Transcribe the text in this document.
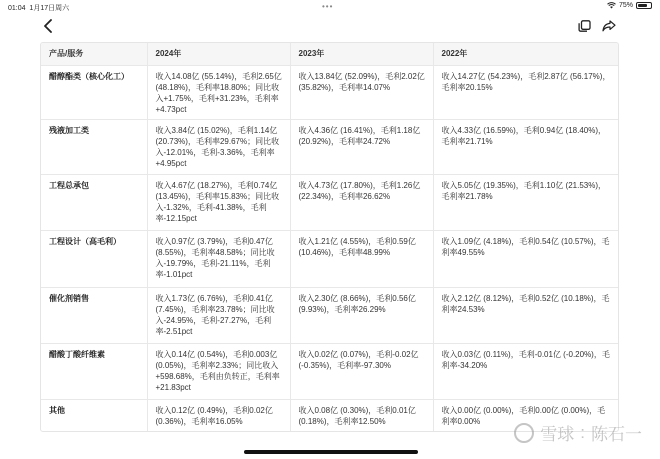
01:04 1月17日周六	•••	75%
产品/服务	2024年	2023年	2022年
醋醇酯类（核心化工）	收入14.08亿 (55.14%)，毛利2.65亿 (48.18%)，毛利率18.80%；同比收入+1.75%，毛利+31.23%，毛利率+4.73pct	收入13.84亿 (52.09%)，毛利2.02亿 (35.82%)，毛利率14.07%	收入14.27亿 (54.23%)，毛利2.87亿 (56.17%)，毛利率20.15%
残液加工类	收入3.84亿 (15.02%)，毛利1.14亿 (20.73%)，毛利率29.67%；同比收入-12.01%，毛利-3.36%，毛利率+4.95pct	收入4.36亿 (16.41%)，毛利1.18亿 (20.92%)，毛利率24.72%	收入4.33亿 (16.59%)，毛利0.94亿 (18.40%)，毛利率21.71%
工程总承包	收入4.67亿 (18.27%)，毛利0.74亿 (13.45%)，毛利率15.83%；同比收入-1.32%，毛利-41.38%，毛利率-12.15pct	收入4.73亿 (17.80%)，毛利1.26亿 (22.34%)，毛利率26.62%	收入5.05亿 (19.35%)，毛利1.10亿 (21.53%)，毛利率21.78%
工程设计（高毛利）	收入0.97亿 (3.79%)，毛利0.47亿 (8.55%)，毛利率48.58%；同比收入-19.79%，毛利-21.11%，毛利率-1.01pct	收入1.21亿 (4.55%)，毛利0.59亿 (10.46%)，毛利率48.99%	收入1.09亿 (4.18%)，毛利0.54亿 (10.57%)，毛利率49.55%
催化剂销售	收入1.73亿 (6.76%)，毛利0.41亿 (7.45%)，毛利率23.78%；同比收入-24.95%，毛利-27.27%，毛利率-2.51pct	收入2.30亿 (8.66%)，毛利0.56亿 (9.93%)，毛利率26.29%	收入2.12亿 (8.12%)，毛利0.52亿 (10.18%)，毛利率24.53%
醋酸丁酸纤维素	收入0.14亿 (0.54%)，毛利0.003亿 (0.05%)，毛利率2.33%；同比收入+598.68%，毛利由负转正，毛利率+21.83pct	收入0.02亿 (0.07%)，毛利-0.02亿 (-0.35%)，毛利率-97.30%	收入0.03亿 (0.11%)，毛利-0.01亿 (-0.20%)，毛利率-34.20%
其他	收入0.12亿 (0.49%)，毛利0.02亿 (0.36%)，毛利率16.05%	收入0.08亿 (0.30%)，毛利0.01亿 (0.18%)，毛利率12.50%	收入0.00亿 (0.00%)，毛利0.00亿 (0.00%)，毛利率0.00%
雪球 : 陈石一
